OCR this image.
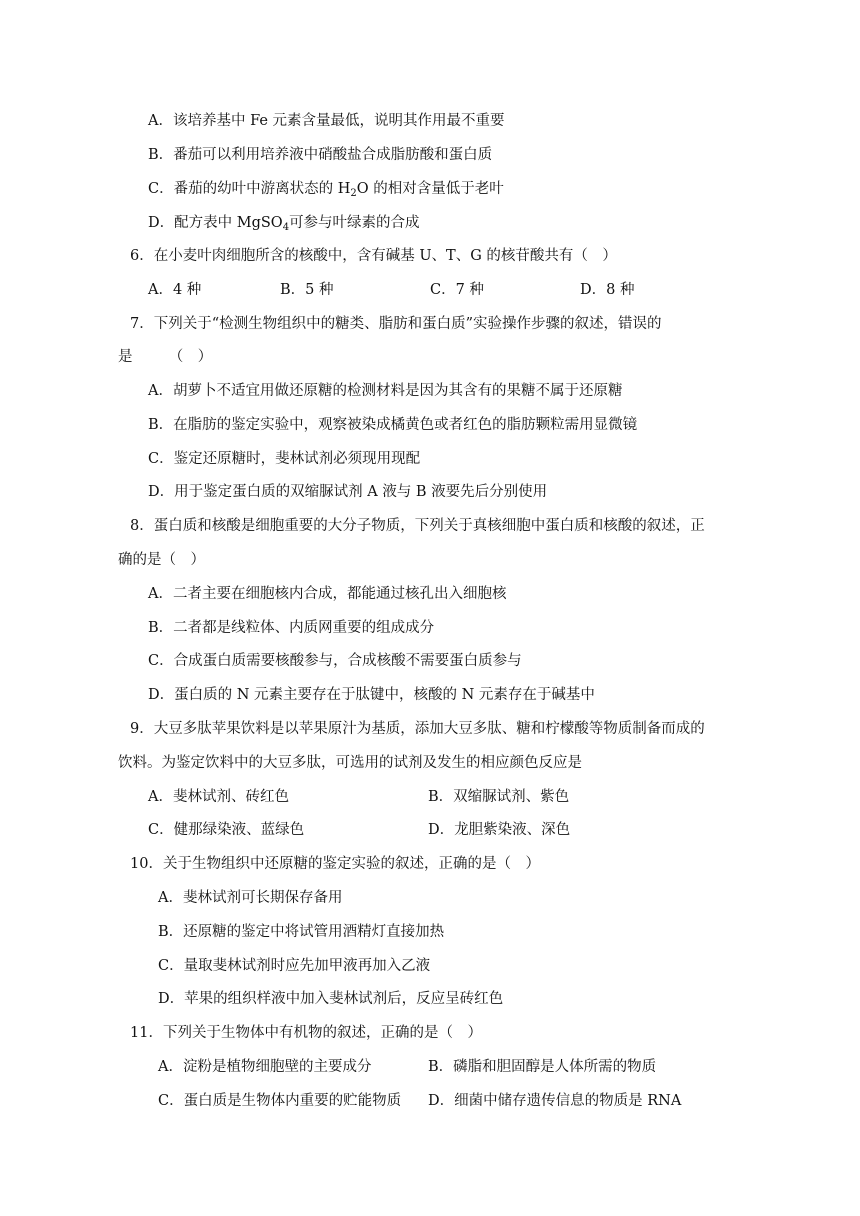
A．该培养基中 Fe 元素含量最低，说明其作用最不重要
B．番茄可以利用培养液中硝酸盐合成脂肪酸和蛋白质
C．番茄的幼叶中游离状态的 $H_2O$ 的相对含量低于老叶
D．配方表中 MgSO$_4$可参与叶绿素的合成
6．在小麦叶肉细胞所含的核酸中，含有碱基 U、T、G 的核苷酸共有（　）
A．4 种	B．5 种	C．7 种	D．8 种
7．下列关于“检测生物组织中的糖类、脂肪和蛋白质”实验操作步骤的叙述，错误的
是　　　（　）
A．胡萝卜不适宜用做还原糖的检测材料是因为其含有的果糖不属于还原糖
B．在脂肪的鉴定实验中，观察被染成橘黄色或者红色的脂肪颗粒需用显微镜
C．鉴定还原糖时，斐林试剂必须现用现配
D．用于鉴定蛋白质的双缩脲试剂 A 液与 B 液要先后分别使用
8．蛋白质和核酸是细胞重要的大分子物质，下列关于真核细胞中蛋白质和核酸的叙述，正
确的是（　）
A．二者主要在细胞核内合成，都能通过核孔出入细胞核
B．二者都是线粒体、内质网重要的组成成分
C．合成蛋白质需要核酸参与，合成核酸不需要蛋白质参与
D．蛋白质的 N 元素主要存在于肽键中，核酸的 N 元素存在于碱基中
9．大豆多肽苹果饮料是以苹果原汁为基质，添加大豆多肽、糖和柠檬酸等物质制备而成的
饮料。为鉴定饮料中的大豆多肽，可选用的试剂及发生的相应颜色反应是
A．斐林试剂、砖红色	B．双缩脲试剂、紫色
C．健那绿染液、蓝绿色	D．龙胆紫染液、深色
10．关于生物组织中还原糖的鉴定实验的叙述，正确的是（　）
A．斐林试剂可长期保存备用
B．还原糖的鉴定中将试管用酒精灯直接加热
C．量取斐林试剂时应先加甲液再加入乙液
D．苹果的组织样液中加入斐林试剂后，反应呈砖红色
11．下列关于生物体中有机物的叙述，正确的是（　）
A．淀粉是植物细胞壁的主要成分	B．磷脂和胆固醇是人体所需的物质
C．蛋白质是生物体内重要的贮能物质 D．细菌中储存遗传信息的物质是 RNA
